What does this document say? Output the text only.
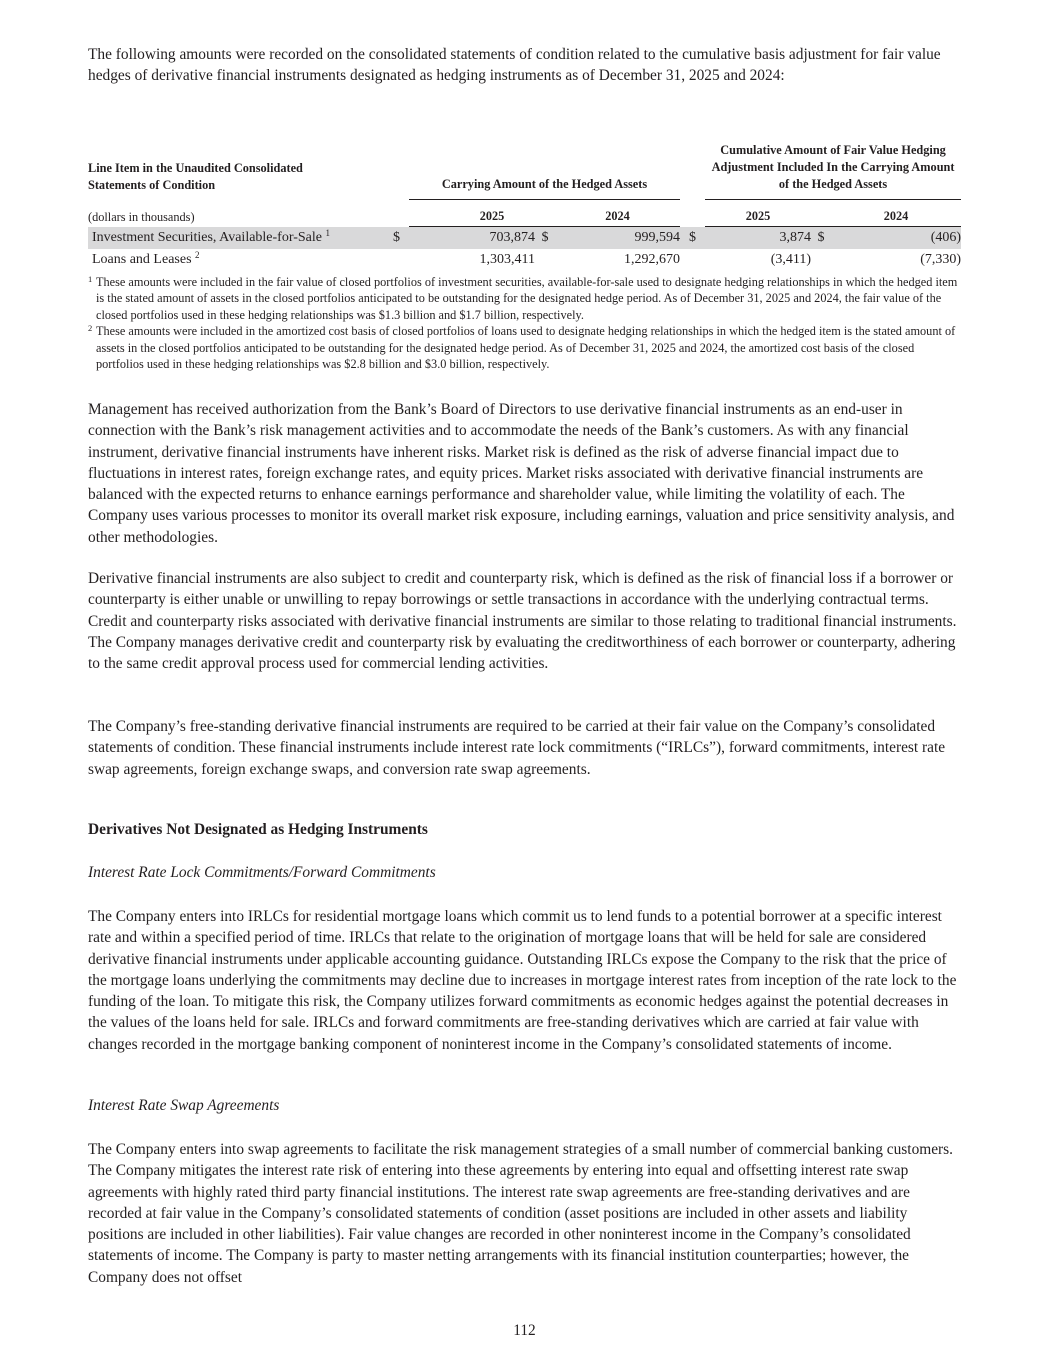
The following amounts were recorded on the consolidated statements of condition related to the cumulative basis adjustment for fair value hedges of derivative financial instruments designated as hedging instruments as of December 31, 2025 and 2024:

Line Item in the Unaudited Consolidated Statements of Condition		Carrying Amount of the Hedged Assets				Cumulative Amount of Fair Value Hedging Adjustment Included In the Carrying Amount of the Hedged Assets		
(dollars in thousands)		2025		2024		2025		2024
Investment Securities, Available-for-Sale $^1$	$	703,874	$	999,594	$	3,874	$	(406)
Loans and Leases $^2$		1,303,411		1,292,670		(3,411)		(7,330)

1 These amounts were included in the fair value of closed portfolios of investment securities, available-for-sale used to designate hedging relationships in which the hedged item is the stated amount of assets in the closed portfolios anticipated to be outstanding for the designated hedge period. As of December 31, 2025 and 2024, the fair value of the closed portfolios used in these hedging relationships was $1.3 billion and $1.7 billion, respectively.

2 These amounts were included in the amortized cost basis of closed portfolios of loans used to designate hedging relationships in which the hedged item is the stated amount of assets in the closed portfolios anticipated to be outstanding for the designated hedge period. As of December 31, 2025 and 2024, the amortized cost basis of the closed portfolios used in these hedging relationships was $2.8 billion and $3.0 billion, respectively.

Management has received authorization from the Bank’s Board of Directors to use derivative financial instruments as an end-user in connection with the Bank’s risk management activities and to accommodate the needs of the Bank’s customers. As with any financial instrument, derivative financial instruments have inherent risks. Market risk is defined as the risk of adverse financial impact due to fluctuations in interest rates, foreign exchange rates, and equity prices. Market risks associated with derivative financial instruments are balanced with the expected returns to enhance earnings performance and shareholder value, while limiting the volatility of each. The Company uses various processes to monitor its overall market risk exposure, including earnings, valuation and price sensitivity analysis, and other methodologies.

Derivative financial instruments are also subject to credit and counterparty risk, which is defined as the risk of financial loss if a borrower or counterparty is either unable or unwilling to repay borrowings or settle transactions in accordance with the underlying contractual terms. Credit and counterparty risks associated with derivative financial instruments are similar to those relating to traditional financial instruments. The Company manages derivative credit and counterparty risk by evaluating the creditworthiness of each borrower or counterparty, adhering to the same credit approval process used for commercial lending activities.

The Company’s free-standing derivative financial instruments are required to be carried at their fair value on the Company’s consolidated statements of condition. These financial instruments include interest rate lock commitments (“IRLCs”), forward commitments, interest rate swap agreements, foreign exchange swaps, and conversion rate swap agreements.

Derivatives Not Designated as Hedging Instruments
Interest Rate Lock Commitments/Forward Commitments

The Company enters into IRLCs for residential mortgage loans which commit us to lend funds to a potential borrower at a specific interest rate and within a specified period of time. IRLCs that relate to the origination of mortgage loans that will be held for sale are considered derivative financial instruments under applicable accounting guidance. Outstanding IRLCs expose the Company to the risk that the price of the mortgage loans underlying the commitments may decline due to increases in mortgage interest rates from inception of the rate lock to the funding of the loan. To mitigate this risk, the Company utilizes forward commitments as economic hedges against the potential decreases in the values of the loans held for sale. IRLCs and forward commitments are free-standing derivatives which are carried at fair value with changes recorded in the mortgage banking component of noninterest income in the Company’s consolidated statements of income.

Interest Rate Swap Agreements

The Company enters into swap agreements to facilitate the risk management strategies of a small number of commercial banking customers. The Company mitigates the interest rate risk of entering into these agreements by entering into equal and offsetting interest rate swap agreements with highly rated third party financial institutions. The interest rate swap agreements are free-standing derivatives and are recorded at fair value in the Company’s consolidated statements of condition (asset positions are included in other assets and liability positions are included in other liabilities). Fair value changes are recorded in other noninterest income in the Company’s consolidated statements of income. The Company is party to master netting arrangements with its financial institution counterparties; however, the Company does not offset

112
